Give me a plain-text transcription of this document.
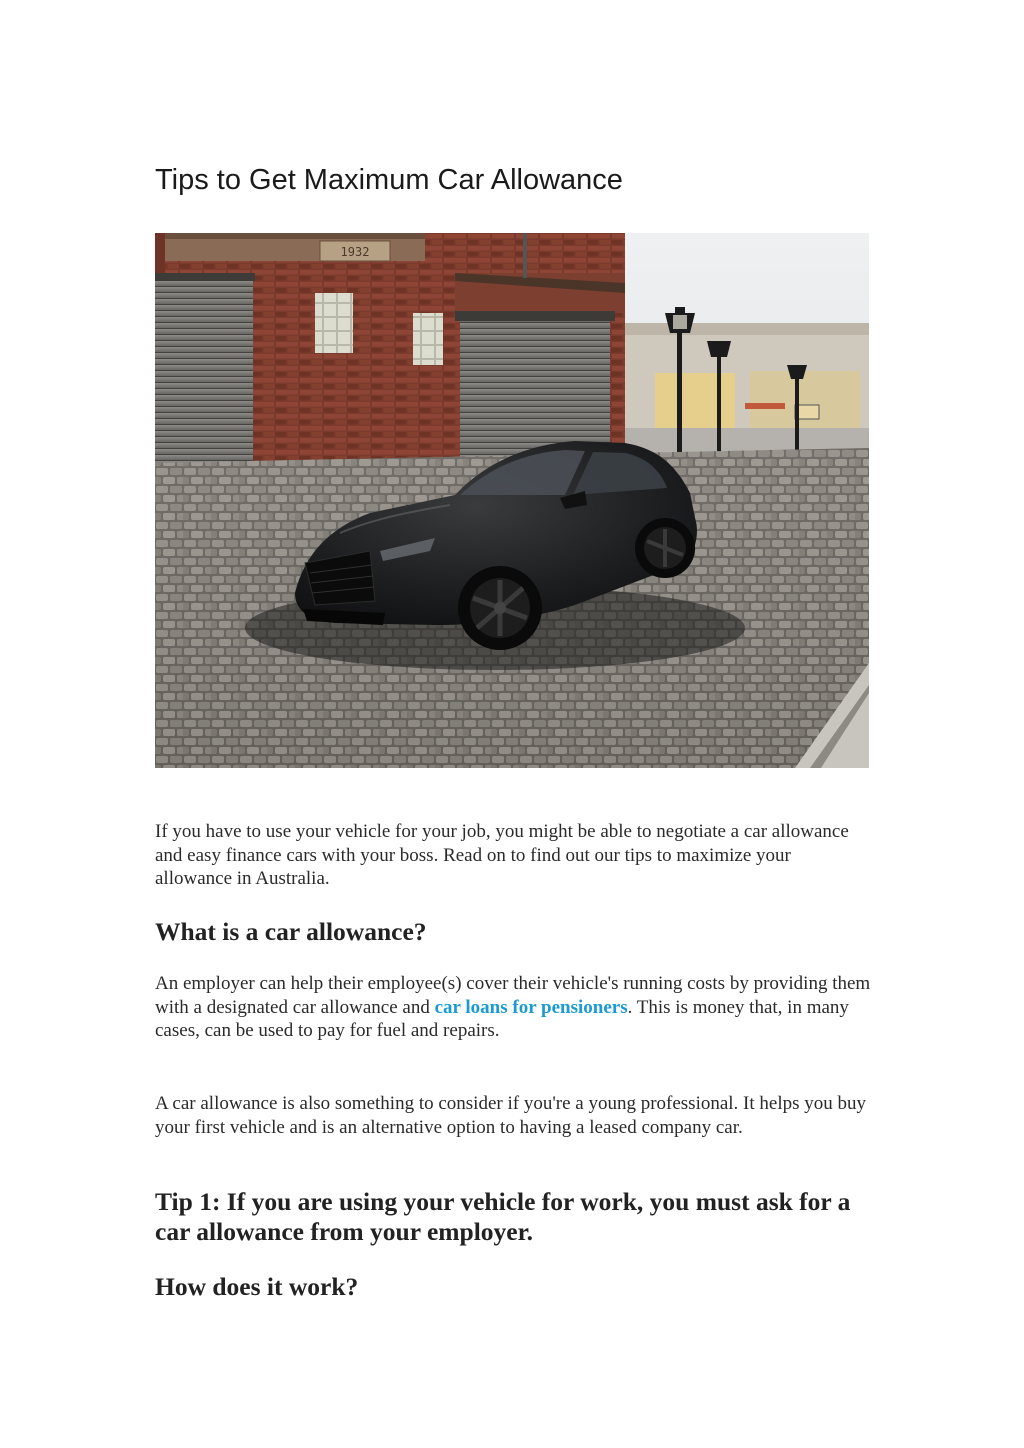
Tips to Get Maximum Car Allowance
1932

If you have to use your vehicle for your job, you might be able to negotiate a car allowance and easy finance cars with your boss. Read on to find out our tips to maximize your allowance in Australia.

What is a car allowance?

An employer can help their employee(s) cover their vehicle's running costs by providing them with a designated car allowance and car loans for pensioners. This is money that, in many cases, can be used to pay for fuel and repairs.

A car allowance is also something to consider if you're a young professional. It helps you buy your first vehicle and is an alternative option to having a leased company car.

Tip 1: If you are using your vehicle for work, you must ask for a car allowance from your employer.
How does it work?
